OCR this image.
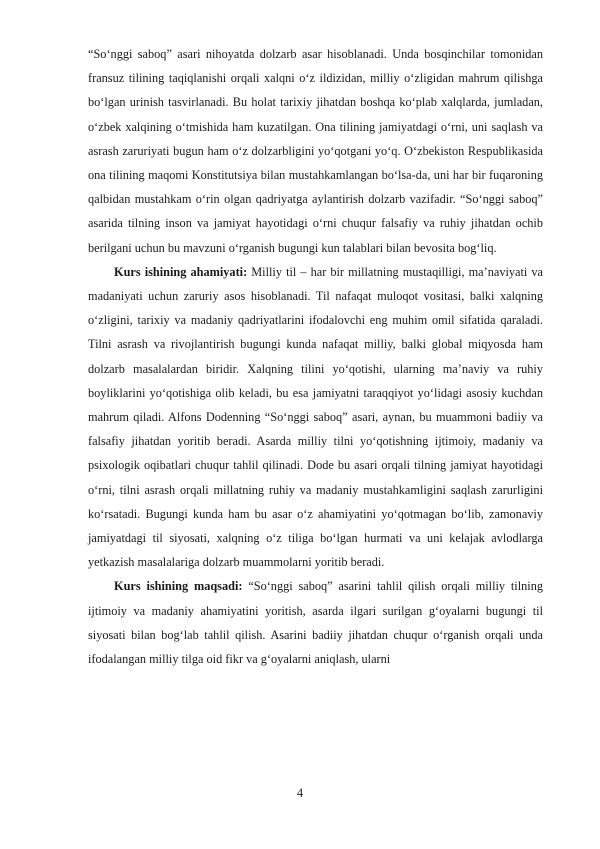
“So‘nggi saboq” asari nihoyatda dolzarb asar hisoblanadi. Unda bosqinchilar tomonidan fransuz tilining taqiqlanishi orqali xalqni o‘z ildizidan, milliy o‘zligidan mahrum qilishga bo‘lgan urinish tasvirlanadi. Bu holat tarixiy jihatdan boshqa ko‘plab xalqlarda, jumladan, o‘zbek xalqining o‘tmishida ham kuzatilgan. Ona tilining jamiyatdagi o‘rni, uni saqlash va asrash zaruriyati bugun ham o‘z dolzarbligini yo‘qotgani yo‘q. O‘zbekiston Respublikasida ona tilining maqomi Konstitutsiya bilan mustahkamlangan bo‘lsa-da, uni har bir fuqaroning qalbidan mustahkam o‘rin olgan qadriyatga aylantirish dolzarb vazifadir. “So‘nggi saboq” asarida tilning inson va jamiyat hayotidagi o‘rni chuqur falsafiy va ruhiy jihatdan ochib berilgani uchun bu mavzuni o‘rganish bugungi kun talablari bilan bevosita bog‘liq.

Kurs ishining ahamiyati: Milliy til – har bir millatning mustaqilligi, ma’naviyati va madaniyati uchun zaruriy asos hisoblanadi. Til nafaqat muloqot vositasi, balki xalqning o‘zligini, tarixiy va madaniy qadriyatlarini ifodalovchi eng muhim omil sifatida qaraladi. Tilni asrash va rivojlantirish bugungi kunda nafaqat milliy, balki global miqyosda ham dolzarb masalalardan biridir. Xalqning tilini yo‘qotishi, ularning ma’naviy va ruhiy boyliklarini yo‘qotishiga olib keladi, bu esa jamiyatni taraqqiyot yo‘lidagi asosiy kuchdan mahrum qiladi. Alfons Dodenning “So‘nggi saboq” asari, aynan, bu muammoni badiiy va falsafiy jihatdan yoritib beradi. Asarda milliy tilni yo‘qotishning ijtimoiy, madaniy va psixologik oqibatlari chuqur tahlil qilinadi. Dode bu asari orqali tilning jamiyat hayotidagi o‘rni, tilni asrash orqali millatning ruhiy va madaniy mustahkamligini saqlash zarurligini ko‘rsatadi. Bugungi kunda ham bu asar o‘z ahamiyatini yo‘qotmagan bo‘lib, zamonaviy jamiyatdagi til siyosati, xalqning o‘z tiliga bo‘lgan hurmati va uni kelajak avlodlarga yetkazish masalalariga dolzarb muammolarni yoritib beradi.

Kurs ishining maqsadi: “So‘nggi saboq” asarini tahlil qilish orqali milliy tilning ijtimoiy va madaniy ahamiyatini yoritish, asarda ilgari surilgan g‘oyalarni bugungi til siyosati bilan bog‘lab tahlil qilish. Asarini badiiy jihatdan chuqur o‘rganish orqali unda ifodalangan milliy tilga oid fikr va g‘oyalarni aniqlash, ularni

4
